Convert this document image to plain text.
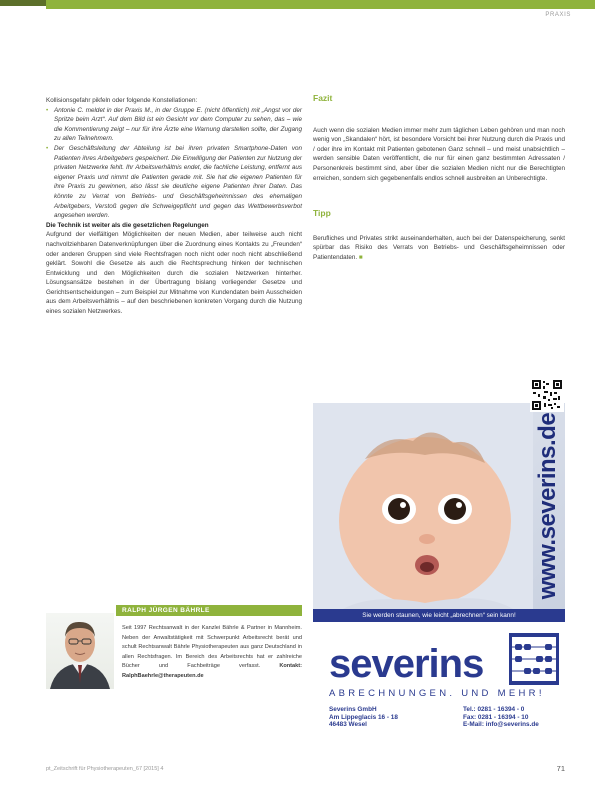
PRAXIS

Kollisionsgefahr pikfeln oder folgende Konstellationen:

• Antonie C. meldet in der Praxis M., in der Gruppe E. (nicht öffentlich) mit „Angst vor der Spritze beim Arzt“. Auf dem Bild ist ein Gesicht vor dem Computer zu sehen, das – wie die Kommentierung zeigt – nur für ihre Ärzte eine Warnung darstellen sollte, der Zugang zu allen Teilnehmern.
• Der Geschäftsleitung der Abteilung ist bei ihren privaten Smartphone-Daten von Patienten ihres Arbeitgebers gespeichert. Die Einwilligung der Patienten zur Nutzung der privaten Netzwerke fehlt. Ihr Arbeitsverhältnis endet, die fachliche Leistung, entfernt aus eigener Praxis und nimmt die Patienten gerade mit. Sie hat die eigenen Patienten für ihre Praxis zu gewinnen, also lässt sie deutliche eigene Patienten ihrer Daten. Das könnte zu Verrat von Betriebs- und Geschäftsgeheimnissen des ehemaligen Arbeitgebers, Verstoß gegen die Schweigepflicht und gegen das Wettbewerbsverbot angesehen werden.

Die Technik ist weiter als die gesetzlichen Regelungen

Aufgrund der vielfältigen Möglichkeiten der neuen Medien, aber teilweise auch nicht nachvollziehbaren Datenverknüpfungen über die Zuordnung eines Kontakts zu „Freunden“ oder anderen Gruppen sind viele Rechtsfragen noch nicht oder noch nicht abschließend geklärt. Sowohl die Gesetze als auch die Rechtsprechung hinken der technischen Entwicklung und den Möglichkeiten durch die sozialen Netzwerken hinterher. Lösungsansätze bestehen in der Übertragung bislang vorliegender Gesetze und Gerichtsentscheidungen – zum Beispiel zur Mitnahme von Kundendaten beim Ausscheiden aus dem Arbeitsverhältnis – auf den beschriebenen konkreten Vorgang durch die Nutzung eines sozialen Netzwerkes.

Fazit

Auch wenn die sozialen Medien immer mehr zum täglichen Leben gehören und man noch wenig von „Skandalen“ hört, ist besondere Vorsicht bei ihrer Nutzung durch die Praxis und / oder ihre im Kontakt mit Patienten gebotenen Ganz schnell – und meist unabsichtlich – werden sensible Daten veröffentlicht, die nur für einen ganz bestimmten Adressaten / Personenkreis bestimmt sind, aber über die sozialen Medien nicht nur die Berechtigten erreichen, sondern sich gegebenenfalls endlos schnell ausbreiten an Unberechtigte.

Tipp

Berufliches und Privates strikt auseinanderhalten, auch bei der Datenspeicherung, senkt spürbar das Risiko des Verrats von Betriebs- und Geschäftsgeheimnissen oder Patientendaten. ■

RALPH JÜRGEN BÄHRLE
Seit 1997 Rechtsanwalt in der Kanzlei Bährle & Partner in Mannheim. Neben der Anwaltstätigkeit mit Schwerpunkt Arbeitsrecht berät und schult Rechtsanwalt Bährle Physiotherapeuten aus ganz Deutschland in allen Rechtsfragen. Im Bereich des Arbeitsrechts hat er zahlreiche Bücher und Fachbeiträge verfasst.	Kontakt: RalphBaehrle@therapeuten.de
www.severins.de
Sie werden staunen, wie leicht „abrechnen“ sein kann!
severins
ABRECHNUNGEN. UND MEHR!
Severins GmbH
Am Lippeglacis 16 - 18
46483 Wesel
Tel.: 0281 - 16394 - 0
Fax: 0281 - 16394 - 10
E-Mail: info@severins.de
pt_Zeitschrift für Physiotherapeuten_67 [2015] 4	71
